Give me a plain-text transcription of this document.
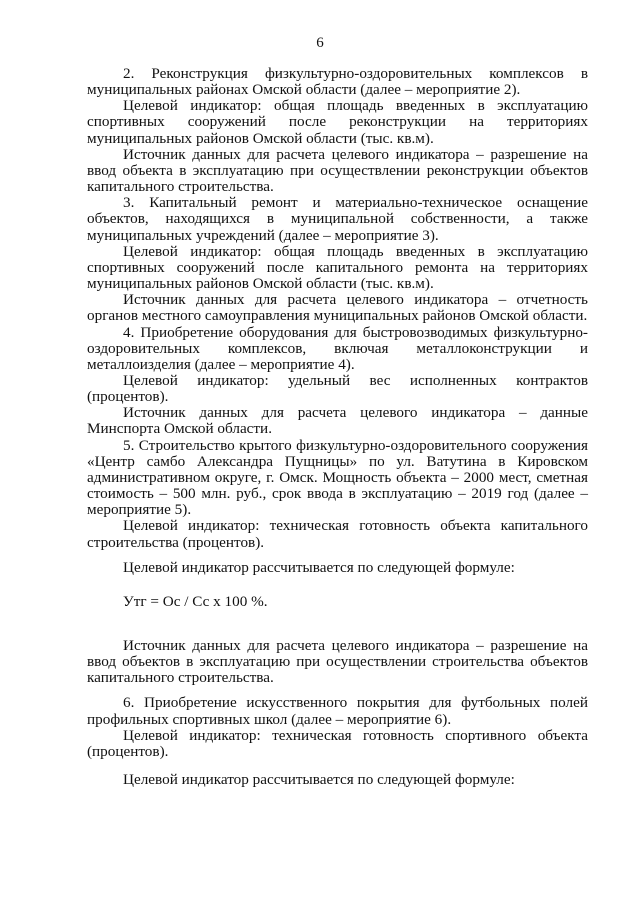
6

2. Реконструкция физкультурно-оздоровительных комплексов в муниципальных районах Омской области (далее – мероприятие 2).

Целевой индикатор: общая площадь введенных в эксплуатацию спортивных сооружений после реконструкции на территориях муниципальных районов Омской области (тыс. кв.м).

Источник данных для расчета целевого индикатора – разрешение на ввод объекта в эксплуатацию при осуществлении реконструкции объектов капитального строительства.

3. Капитальный ремонт и материально-техническое оснащение объектов, находящихся в муниципальной собственности, а также муниципальных учреждений (далее – мероприятие 3).

Целевой индикатор: общая площадь введенных в эксплуатацию спортивных сооружений после капитального ремонта на территориях муниципальных районов Омской области (тыс. кв.м).

Источник данных для расчета целевого индикатора – отчетность органов местного самоуправления муниципальных районов Омской области.

4. Приобретение оборудования для быстровозводимых физкультурно-оздоровительных комплексов, включая металлоконструкции и металлоизделия (далее – мероприятие 4).

Целевой индикатор: удельный вес исполненных контрактов (процентов).

Источник данных для расчета целевого индикатора – данные Минспорта Омской области.

5. Строительство крытого физкультурно-оздоровительного сооружения «Центр самбо Александра Пущницы» по ул. Ватутина в Кировском административном округе, г. Омск. Мощность объекта – 2000 мест, сметная стоимость – 500 млн. руб., срок ввода в эксплуатацию – 2019 год (далее – мероприятие 5).

Целевой индикатор: техническая готовность объекта капитального строительства (процентов).

Целевой индикатор рассчитывается по следующей формуле:

Утг = Ос / Сс х 100 %.

Источник данных для расчета целевого индикатора – разрешение на ввод объектов в эксплуатацию при осуществлении строительства объектов капитального строительства.

6. Приобретение искусственного покрытия для футбольных полей профильных спортивных школ (далее – мероприятие 6).

Целевой индикатор: техническая готовность спортивного объекта (процентов).

Целевой индикатор рассчитывается по следующей формуле:
